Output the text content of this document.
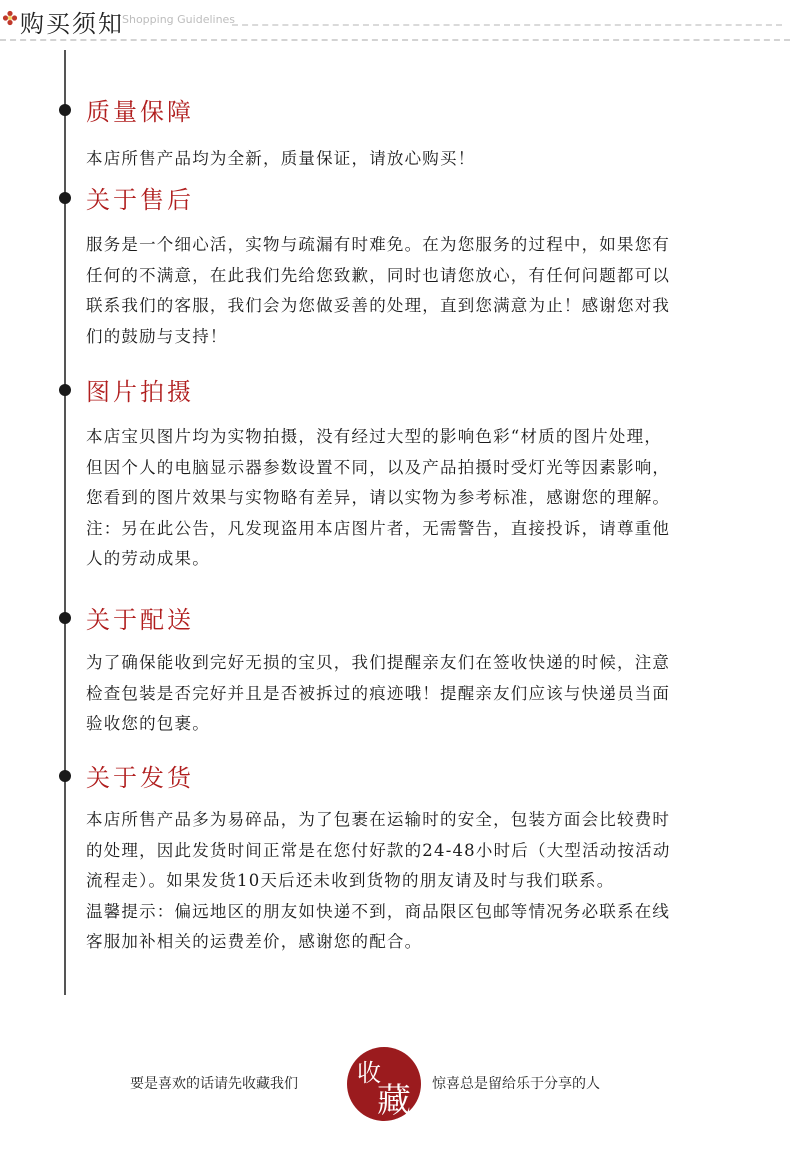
购买须知
Shopping Guidelines
质量保障

本店所售产品均为全新，质量保证，请放心购买！

关于售后

服务是一个细心活，实物与疏漏有时难免。在为您服务的过程中，如果您有
任何的不满意，在此我们先给您致歉，同时也请您放心，有任何问题都可以
联系我们的客服，我们会为您做妥善的处理，直到您满意为止！感谢您对我
们的鼓励与支持！

图片拍摄

本店宝贝图片均为实物拍摄，没有经过大型的影响色彩“材质的图片处理，
但因个人的电脑显示器参数设置不同，以及产品拍摄时受灯光等因素影响，
您看到的图片效果与实物略有差异，请以实物为参考标准，感谢您的理解。
注：另在此公告，凡发现盗用本店图片者，无需警告，直接投诉，请尊重他
人的劳动成果。

关于配送

为了确保能收到完好无损的宝贝，我们提醒亲友们在签收快递的时候，注意
检查包装是否完好并且是否被拆过的痕迹哦！提醒亲友们应该与快递员当面
验收您的包裹。

关于发货

本店所售产品多为易碎品，为了包裹在运输时的安全，包装方面会比较费时
的处理，因此发货时间正常是在您付好款的24-48小时后（大型活动按活动
流程走）。如果发货10天后还未收到货物的朋友请及时与我们联系。
温馨提示：偏远地区的朋友如快递不到，商品限区包邮等情况务必联系在线
客服加补相关的运费差价，感谢您的配合。

要是喜欢的话请先收藏我们 收
藏 惊喜总是留给乐于分享的人
